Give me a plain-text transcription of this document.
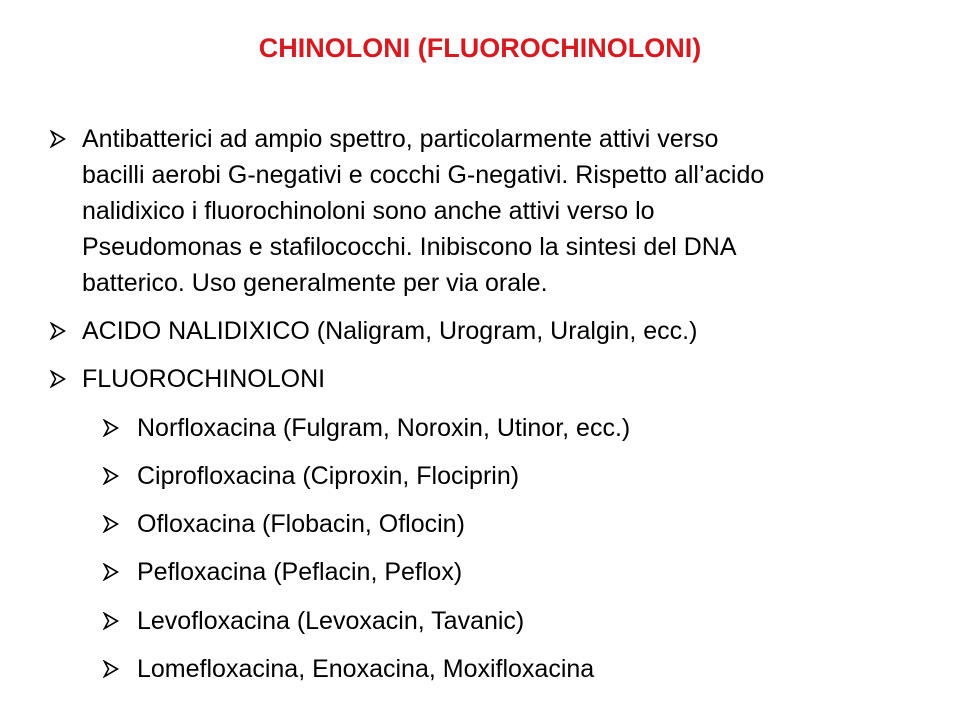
CHINOLONI (FLUOROCHINOLONI)
Antibatterici ad ampio spettro, particolarmente attivi verso
bacilli aerobi G-negativi e cocchi G-negativi. Rispetto all’acido
nalidixico i fluorochinoloni sono anche attivi verso lo
Pseudomonas e stafilococchi. Inibiscono la sintesi del DNA
batterico. Uso generalmente per via orale.
ACIDO NALIDIXICO (Naligram, Urogram, Uralgin, ecc.)
FLUOROCHINOLONI
Norfloxacina (Fulgram, Noroxin, Utinor, ecc.)
Ciprofloxacina (Ciproxin, Flociprin)
Ofloxacina (Flobacin, Oflocin)
Pefloxacina (Peflacin, Peflox)
Levofloxacina (Levoxacin, Tavanic)
Lomefloxacina, Enoxacina, Moxifloxacina
